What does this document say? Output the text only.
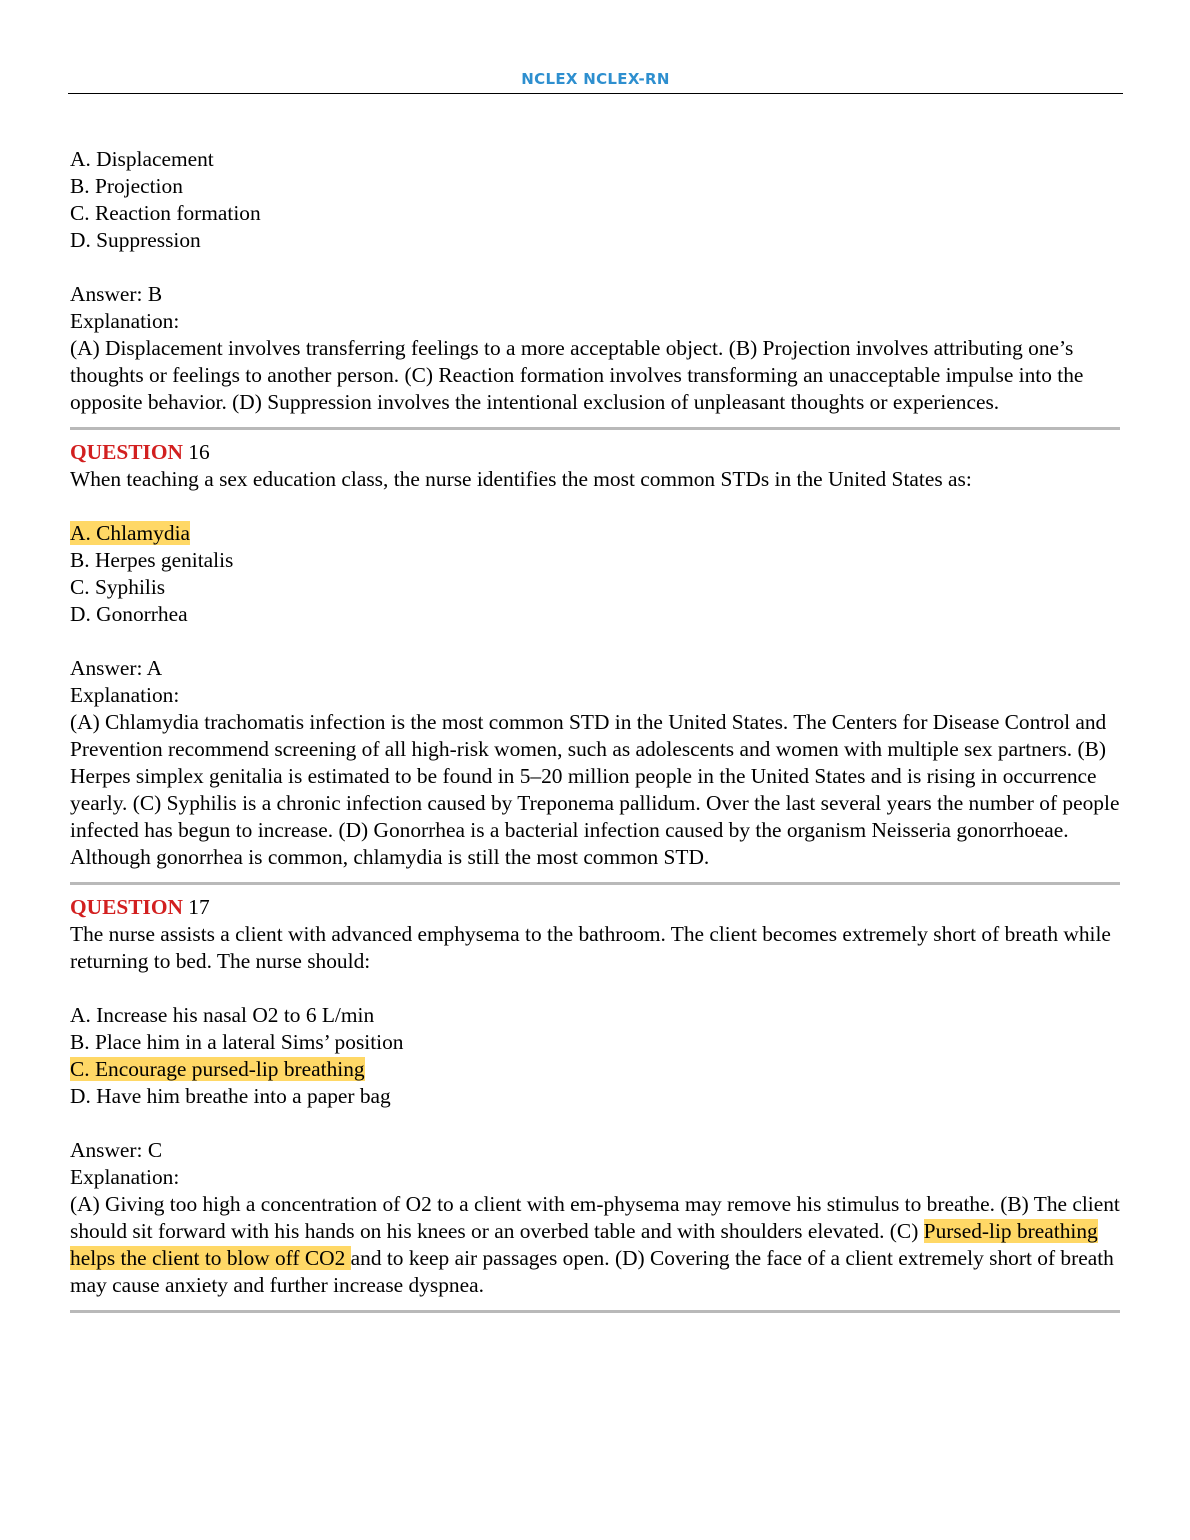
NCLEX NCLEX-RN
A. Displacement
B. Projection
C. Reaction formation
D. Suppression
Answer: B
Explanation:
(A) Displacement involves transferring feelings to a more acceptable object. (B) Projection involves attributing one’s thoughts or feelings to another person. (C) Reaction formation involves transforming an unacceptable impulse into the opposite behavior. (D) Suppression involves the intentional exclusion of unpleasant thoughts or experiences.
QUESTION 16
When teaching a sex education class, the nurse identifies the most common STDs in the United States as:
A. Chlamydia
B. Herpes genitalis
C. Syphilis
D. Gonorrhea
Answer: A
Explanation:
(A) Chlamydia trachomatis infection is the most common STD in the United States. The Centers for Disease Control and Prevention recommend screening of all high-risk women, such as adolescents and women with multiple sex partners. (B) Herpes simplex genitalia is estimated to be found in 5–20 million people in the United States and is rising in occurrence yearly. (C) Syphilis is a chronic infection caused by Treponema pallidum. Over the last several years the number of people infected has begun to increase. (D) Gonorrhea is a bacterial infection caused by the organism Neisseria gonorrhoeae. Although gonorrhea is common, chlamydia is still the most common STD.
QUESTION 17
The nurse assists a client with advanced emphysema to the bathroom. The client becomes extremely short of breath while returning to bed. The nurse should:
A. Increase his nasal O2 to 6 L/min
B. Place him in a lateral Sims’ position
C. Encourage pursed-lip breathing
D. Have him breathe into a paper bag
Answer: C
Explanation:
(A) Giving too high a concentration of O2 to a client with em-physema may remove his stimulus to breathe. (B) The client should sit forward with his hands on his knees or an overbed table and with shoulders elevated. (C) Pursed-lip breathing helps the client to blow off CO2 and to keep air passages open. (D) Covering the face of a client extremely short of breath may cause anxiety and further increase dyspnea.
